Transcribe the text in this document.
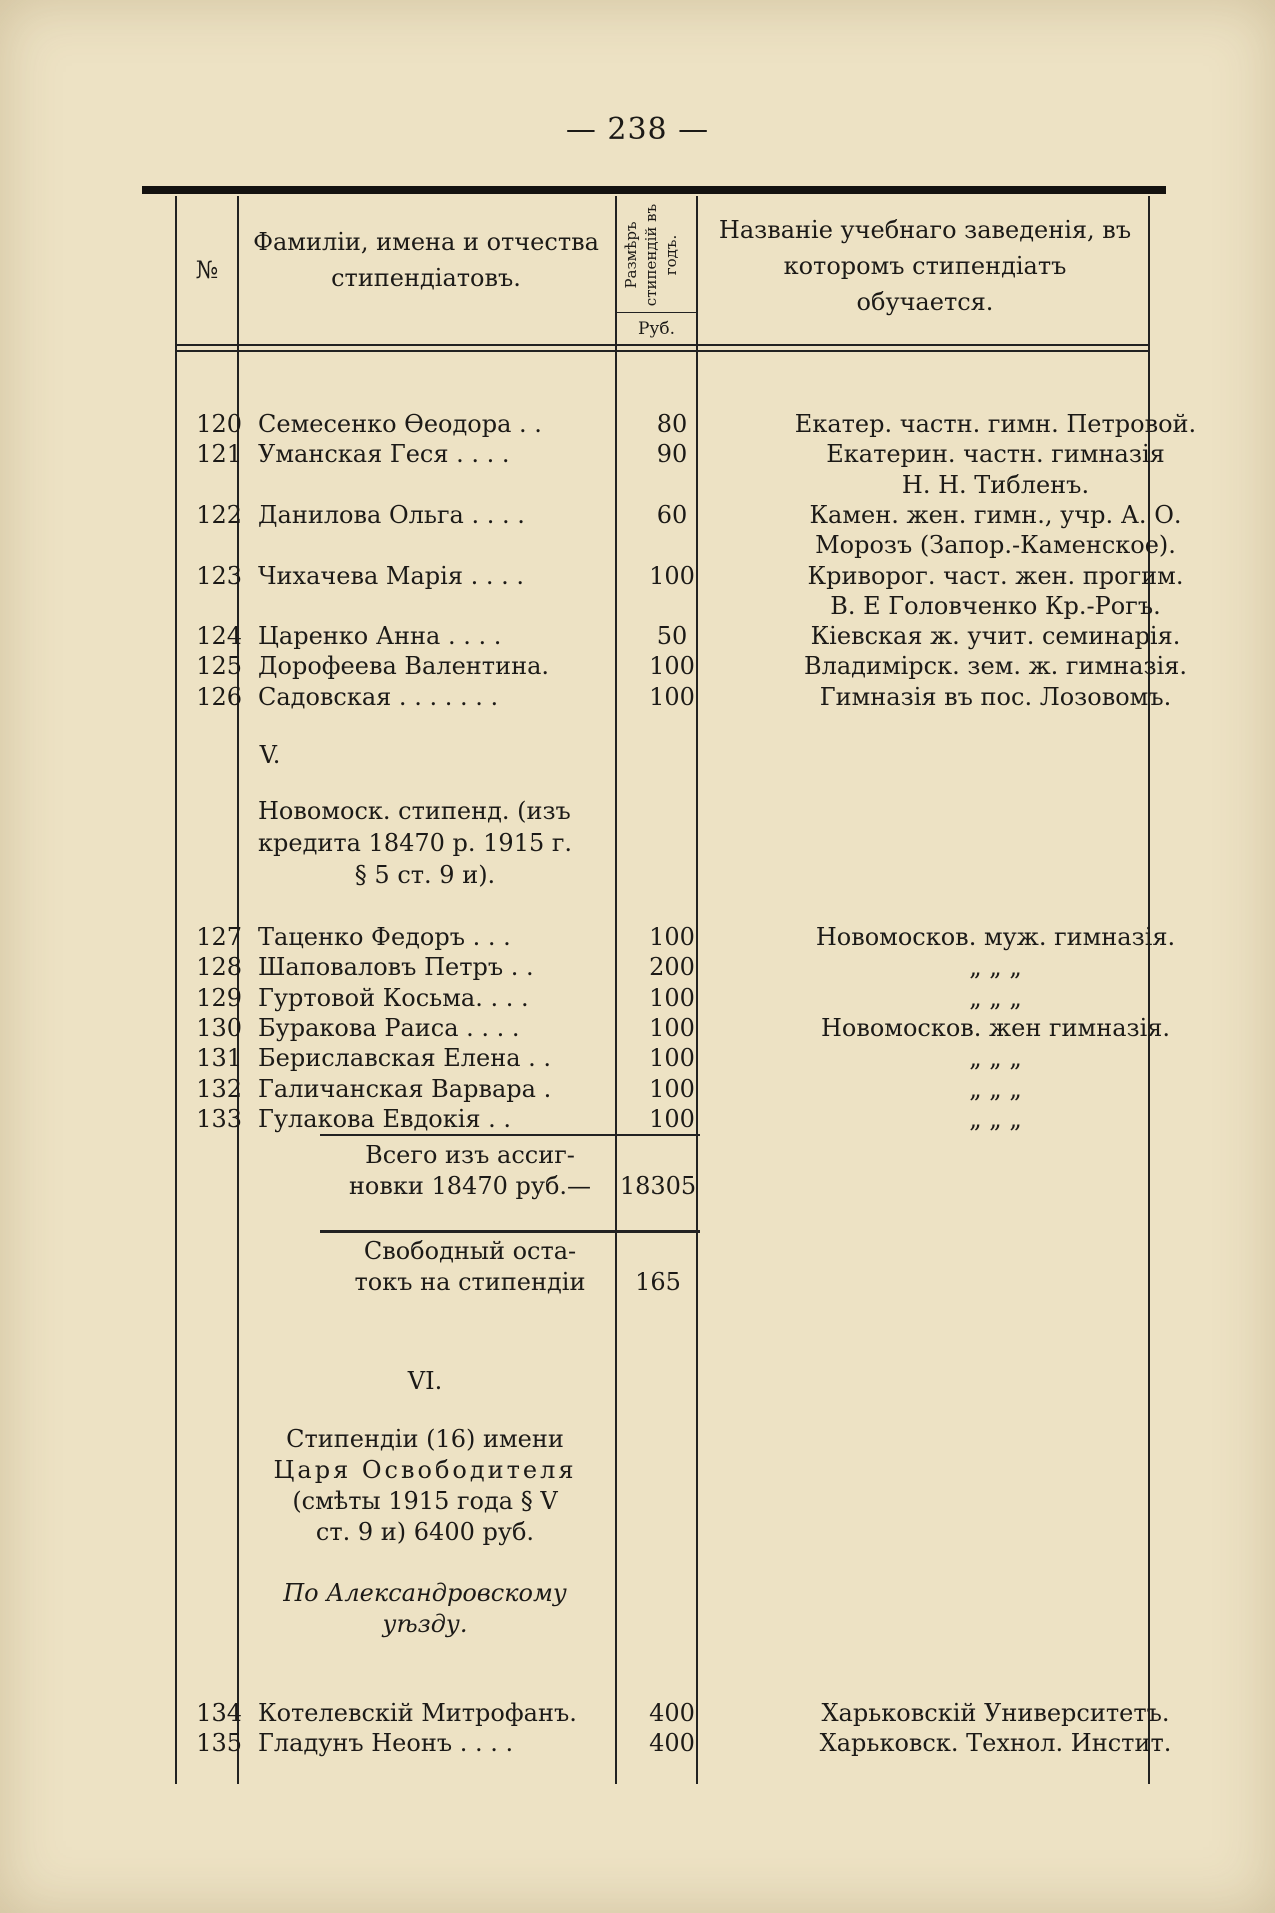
— 238 —
№
Фамиліи, имена и отчества стипендіатовъ.	Размѣръ стипендій въ годъ.
Руб.
Названіе учебнаго заведенія, въ которомъ стипендіатъ обучается.
120 Семесенко Өеодора . .	80	Екатер. частн. гимн. Петровой.
121 Уманская Геся . . . .	90	Екатерин. частн. гимназія
Н. Н. Тибленъ.
122 Данилова Ольга . . . .	60	Камен. жен. гимн., учр. А. О.
Морозъ (Запор.-Каменское).
123 Чихачева Марія . . . .	100	Кривоpог. част. жен. прогим.
В. Е Головченко Кр.-Рогъ.
124 Царенко Анна . . . .	50	Кіевская ж. учит. семинарія.
125 Дорофеева Валентина.	100	Владимірск. зем. ж. гимназія.
126 Садовская . . . . . . .	100	Гимназія въ пос. Лозовомъ.
V.
Новомоск. стипенд. (изъ
кредита 18470 р. 1915 г.
§ 5 ст. 9 и).
127 Таценко Федоръ . . .	100	Новомосков. муж. гимназія.
128 Шаповаловъ Петръ . .	200	„ „ „
129 Гуртовой Косьма. . . .	100	„ „ „
130 Буракова Раиса . . . .	100	Новомосков. жен гимназія.
131 Бериславская Елена . .	100	„ „ „
132 Галичанская Варвара .	100	„ „ „
133 Гулакова Евдокія . .	100	„ „ „
Всего изъ ассиг-
новки 18470 руб.—	18305
Свободный оста-
токъ на стипендіи	165
VI.
Стипендіи (16) имени
Царя Освободителя
(смѣты 1915 года § V
ст. 9 и) 6400 руб.
По Александровскому
уѣзду.
134 Котелевскій Митрофанъ.	400	Харьковскій Университетъ.
135 Гладунъ Неонъ . . . .	400	Харьковск. Технол. Инстит.
